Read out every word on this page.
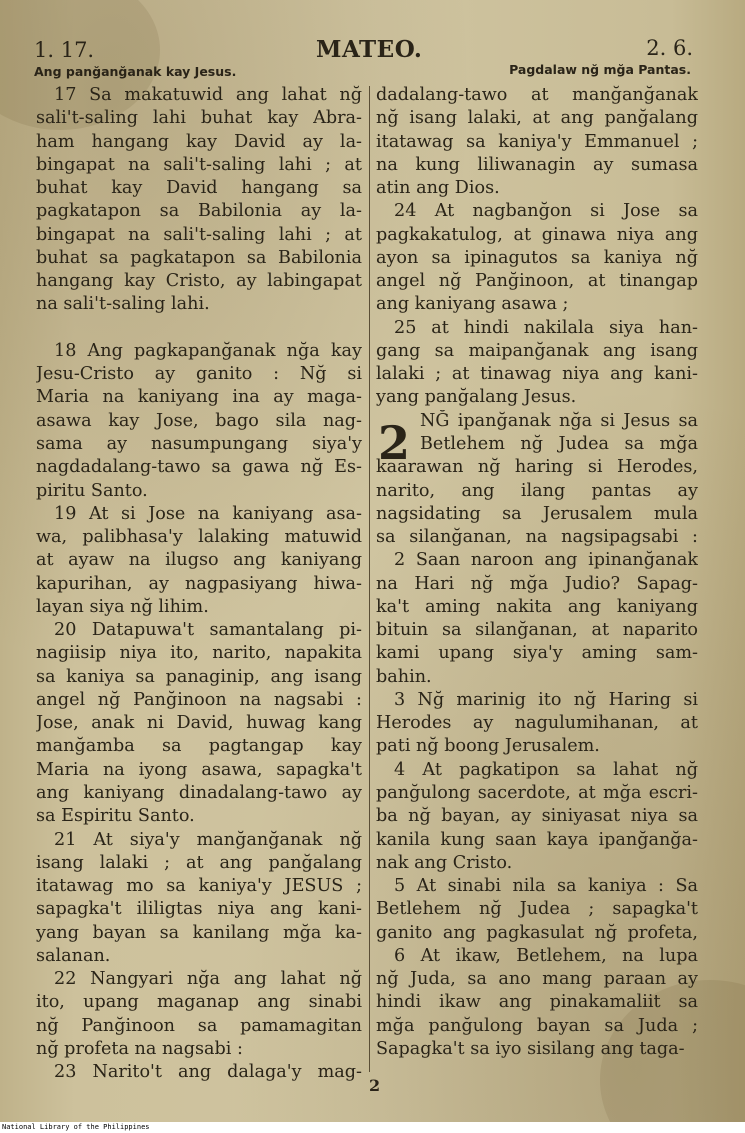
1. 17.	MATEO.	2. 6.
Ang panğanğanak kay Jesus.	Pagdalaw nğ mğa Pantas.
17 Sa makatuwid ang lahat nğ
sali't-saling lahi buhat kay Abra-
ham hangang kay David ay la-
bingapat na sali't-saling lahi ; at
buhat kay David hangang sa
pagkatapon sa Babilonia ay la-
bingapat na sali't-saling lahi ; at
buhat sa pagkatapon sa Babilonia
hangang kay Cristo, ay labingapat
na sali't-saling lahi.
18 Ang pagkapanğanak nğa kay
Jesu-Cristo ay ganito : Nğ si
Maria na kaniyang ina ay maga-
asawa kay Jose, bago sila nag-
sama ay nasumpungang siya'y
nagdadalang-tawo sa gawa nğ Es-
piritu Santo.
19 At si Jose na kaniyang asa-
wa, palibhasa'y lalaking matuwid
at ayaw na ilugso ang kaniyang
kapurihan, ay nagpasiyang hiwa-
layan siya nğ lihim.
20 Datapuwa't samantalang pi-
nagiisip niya ito, narito, napakita
sa kaniya sa panaginip, ang isang
angel nğ Panğinoon na nagsabi :
Jose, anak ni David, huwag kang
manğamba sa pagtangap kay
Maria na iyong asawa, sapagka't
ang kaniyang dinadalang-tawo ay
sa Espiritu Santo.
21 At siya'y manğanğanak nğ
isang lalaki ; at ang panğalang
itatawag mo sa kaniya'y JESUS ;
sapagka't ililigtas niya ang kani-
yang bayan sa kanilang mğa ka-
salanan.
22 Nangyari nğa ang lahat nğ
ito, upang maganap ang sinabi
nğ Panğinoon sa pamamagitan
nğ profeta na nagsabi :
23 Narito't ang dalaga'y mag-
dadalang-tawo at manğanğanak
nğ isang lalaki, at ang panğalang
itatawag sa kaniya'y Emmanuel ;
na kung liliwanagin ay sumasa
atin ang Dios.
24 At nagbanğon si Jose sa
pagkakatulog, at ginawa niya ang
ayon sa ipinagutos sa kaniya nğ
angel nğ Panğinoon, at tinangap
ang kaniyang asawa ;
25 at hindi nakilala siya han-
gang sa maipanğanak ang isang
lalaki ; at tinawag niya ang kani-
yang panğalang Jesus.
NĞ ipanğanak nğa si Jesus sa
Betlehem nğ Judea sa mğa
kaarawan nğ haring si Herodes,
narito, ang ilang pantas ay
nagsidating sa Jerusalem mula
sa silanğanan, na nagsipagsabi :
2 Saan naroon ang ipinanğanak
na Hari nğ mğa Judio? Sapag-
ka't aming nakita ang kaniyang
bituin sa silanğanan, at naparito
kami upang siya'y aming sam-
bahin.
3 Nğ marinig ito nğ Haring si
Herodes ay nagulumihanan, at
pati nğ boong Jerusalem.
4 At pagkatipon sa lahat nğ
panğulong sacerdote, at mğa escri-
ba nğ bayan, ay siniyasat niya sa
kanila kung saan kaya ipanğanğa-
nak ang Cristo.
5 At sinabi nila sa kaniya : Sa
Betlehem nğ Judea ; sapagka't
ganito ang pagkasulat nğ profeta,
6 At ikaw, Betlehem, na lupa
nğ Juda, sa ano mang paraan ay
hindi ikaw ang pinakamaliit sa
mğa panğulong bayan sa Juda ;
Sapagka't sa iyo sisilang ang taga-
2
2
National Library of the Philippines
